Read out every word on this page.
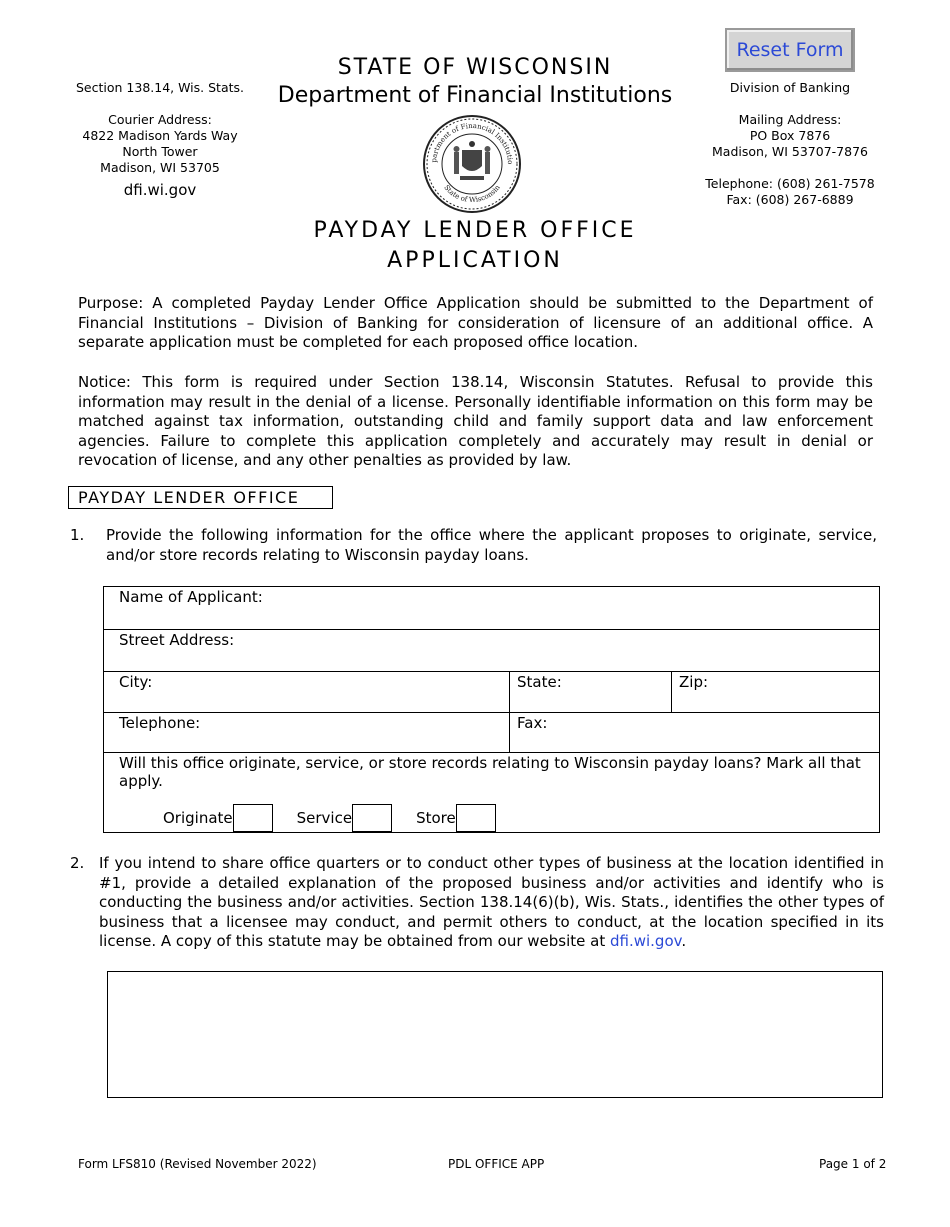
Section 138.14, Wis. Stats.
Courier Address:
4822 Madison Yards Way
North Tower
Madison, WI 53705
dfi.wi.gov
STATE OF WISCONSIN
Department of Financial Institutions
partment of Financial Institutio
State of Wisconsin
Division of Banking
Mailing Address:
PO Box 7876
Madison, WI 53707-7876
Telephone: (608) 261-7578
Fax: (608) 267-6889
Reset Form
PAYDAY LENDER OFFICE
APPLICATION
Purpose: A completed Payday Lender Office Application should be submitted to the Department of Financial Institutions – Division of Banking for consideration of licensure of an additional office. A separate application must be completed for each proposed office location.
Notice: This form is required under Section 138.14, Wisconsin Statutes. Refusal to provide this information may result in the denial of a license. Personally identifiable information on this form may be matched against tax information, outstanding child and family support data and law enforcement agencies. Failure to complete this application completely and accurately may result in denial or revocation of license, and any other penalties as provided by law.
PAYDAY LENDER OFFICE
1. Provide the following information for the office where the applicant proposes to originate, service, and/or store records relating to Wisconsin payday loans.
Name of Applicant:		

Street Address:		

City:	State:	Zip:

Telephone:	Fax:	

Will this office originate, service, or store records relating to Wisconsin payday loans? Mark all that apply.
Originate Service Store		
2. If you intend to share office quarters or to conduct other types of business at the location identified in #1, provide a detailed explanation of the proposed business and/or activities and identify who is conducting the business and/or activities. Section 138.14(6)(b), Wis. Stats., identifies the other types of business that a licensee may conduct, and permit others to conduct, at the location specified in its license. A copy of this statute may be obtained from our website at dfi.wi.gov.
Form LFS810 (Revised November 2022)	PDL OFFICE APP	Page 1 of 2
